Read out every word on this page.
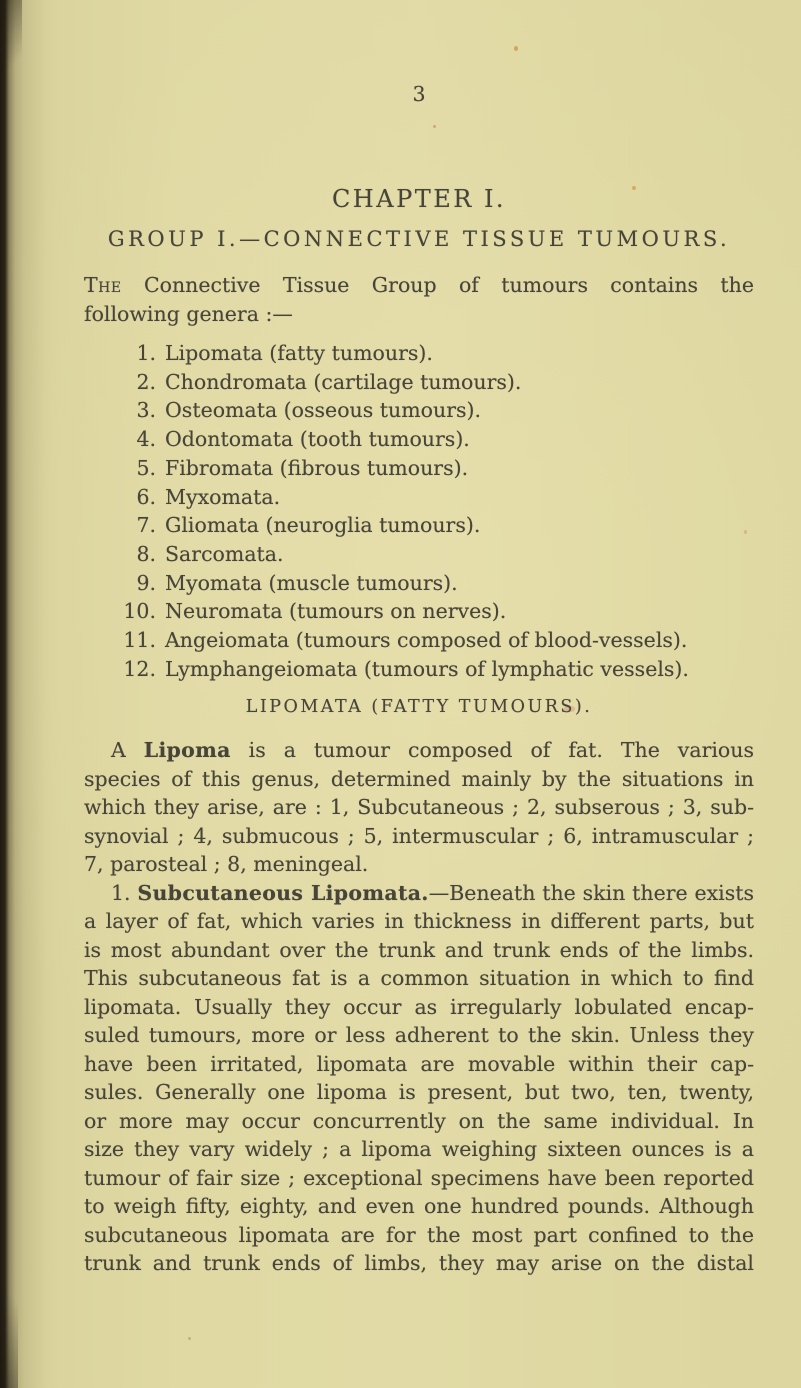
3
CHAPTER I.
GROUP I.—CONNECTIVE TISSUE TUMOURS.
The Connective Tissue Group of tumours contains the
following genera :—
1. Lipomata (fatty tumours).
2. Chondromata (cartilage tumours).
3. Osteomata (osseous tumours).
4. Odontomata (tooth tumours).
5. Fibromata (fibrous tumours).
6. Myxomata.
7. Gliomata (neuroglia tumours).
8. Sarcomata.
9. Myomata (muscle tumours).
10. Neuromata (tumours on nerves).
11. Angeiomata (tumours composed of blood-vessels).
12. Lymphangeiomata (tumours of lymphatic vessels).
LIPOMATA (FATTY TUMOURS).
A Lipoma is a tumour composed of fat. The various
species of this genus, determined mainly by the situations in
which they arise, are : 1, Subcutaneous ; 2, subserous ; 3, sub-
synovial ; 4, submucous ; 5, intermuscular ; 6, intramuscular ;
7, parosteal ; 8, meningeal.
1. Subcutaneous Lipomata.—Beneath the skin there exists
a layer of fat, which varies in thickness in different parts, but
is most abundant over the trunk and trunk ends of the limbs.
This subcutaneous fat is a common situation in which to find
lipomata. Usually they occur as irregularly lobulated encap-
suled tumours, more or less adherent to the skin. Unless they
have been irritated, lipomata are movable within their cap-
sules. Generally one lipoma is present, but two, ten, twenty,
or more may occur concurrently on the same individual. In
size they vary widely ; a lipoma weighing sixteen ounces is a
tumour of fair size ; exceptional specimens have been reported
to weigh fifty, eighty, and even one hundred pounds. Although
subcutaneous lipomata are for the most part confined to the
trunk and trunk ends of limbs, they may arise on the distal
